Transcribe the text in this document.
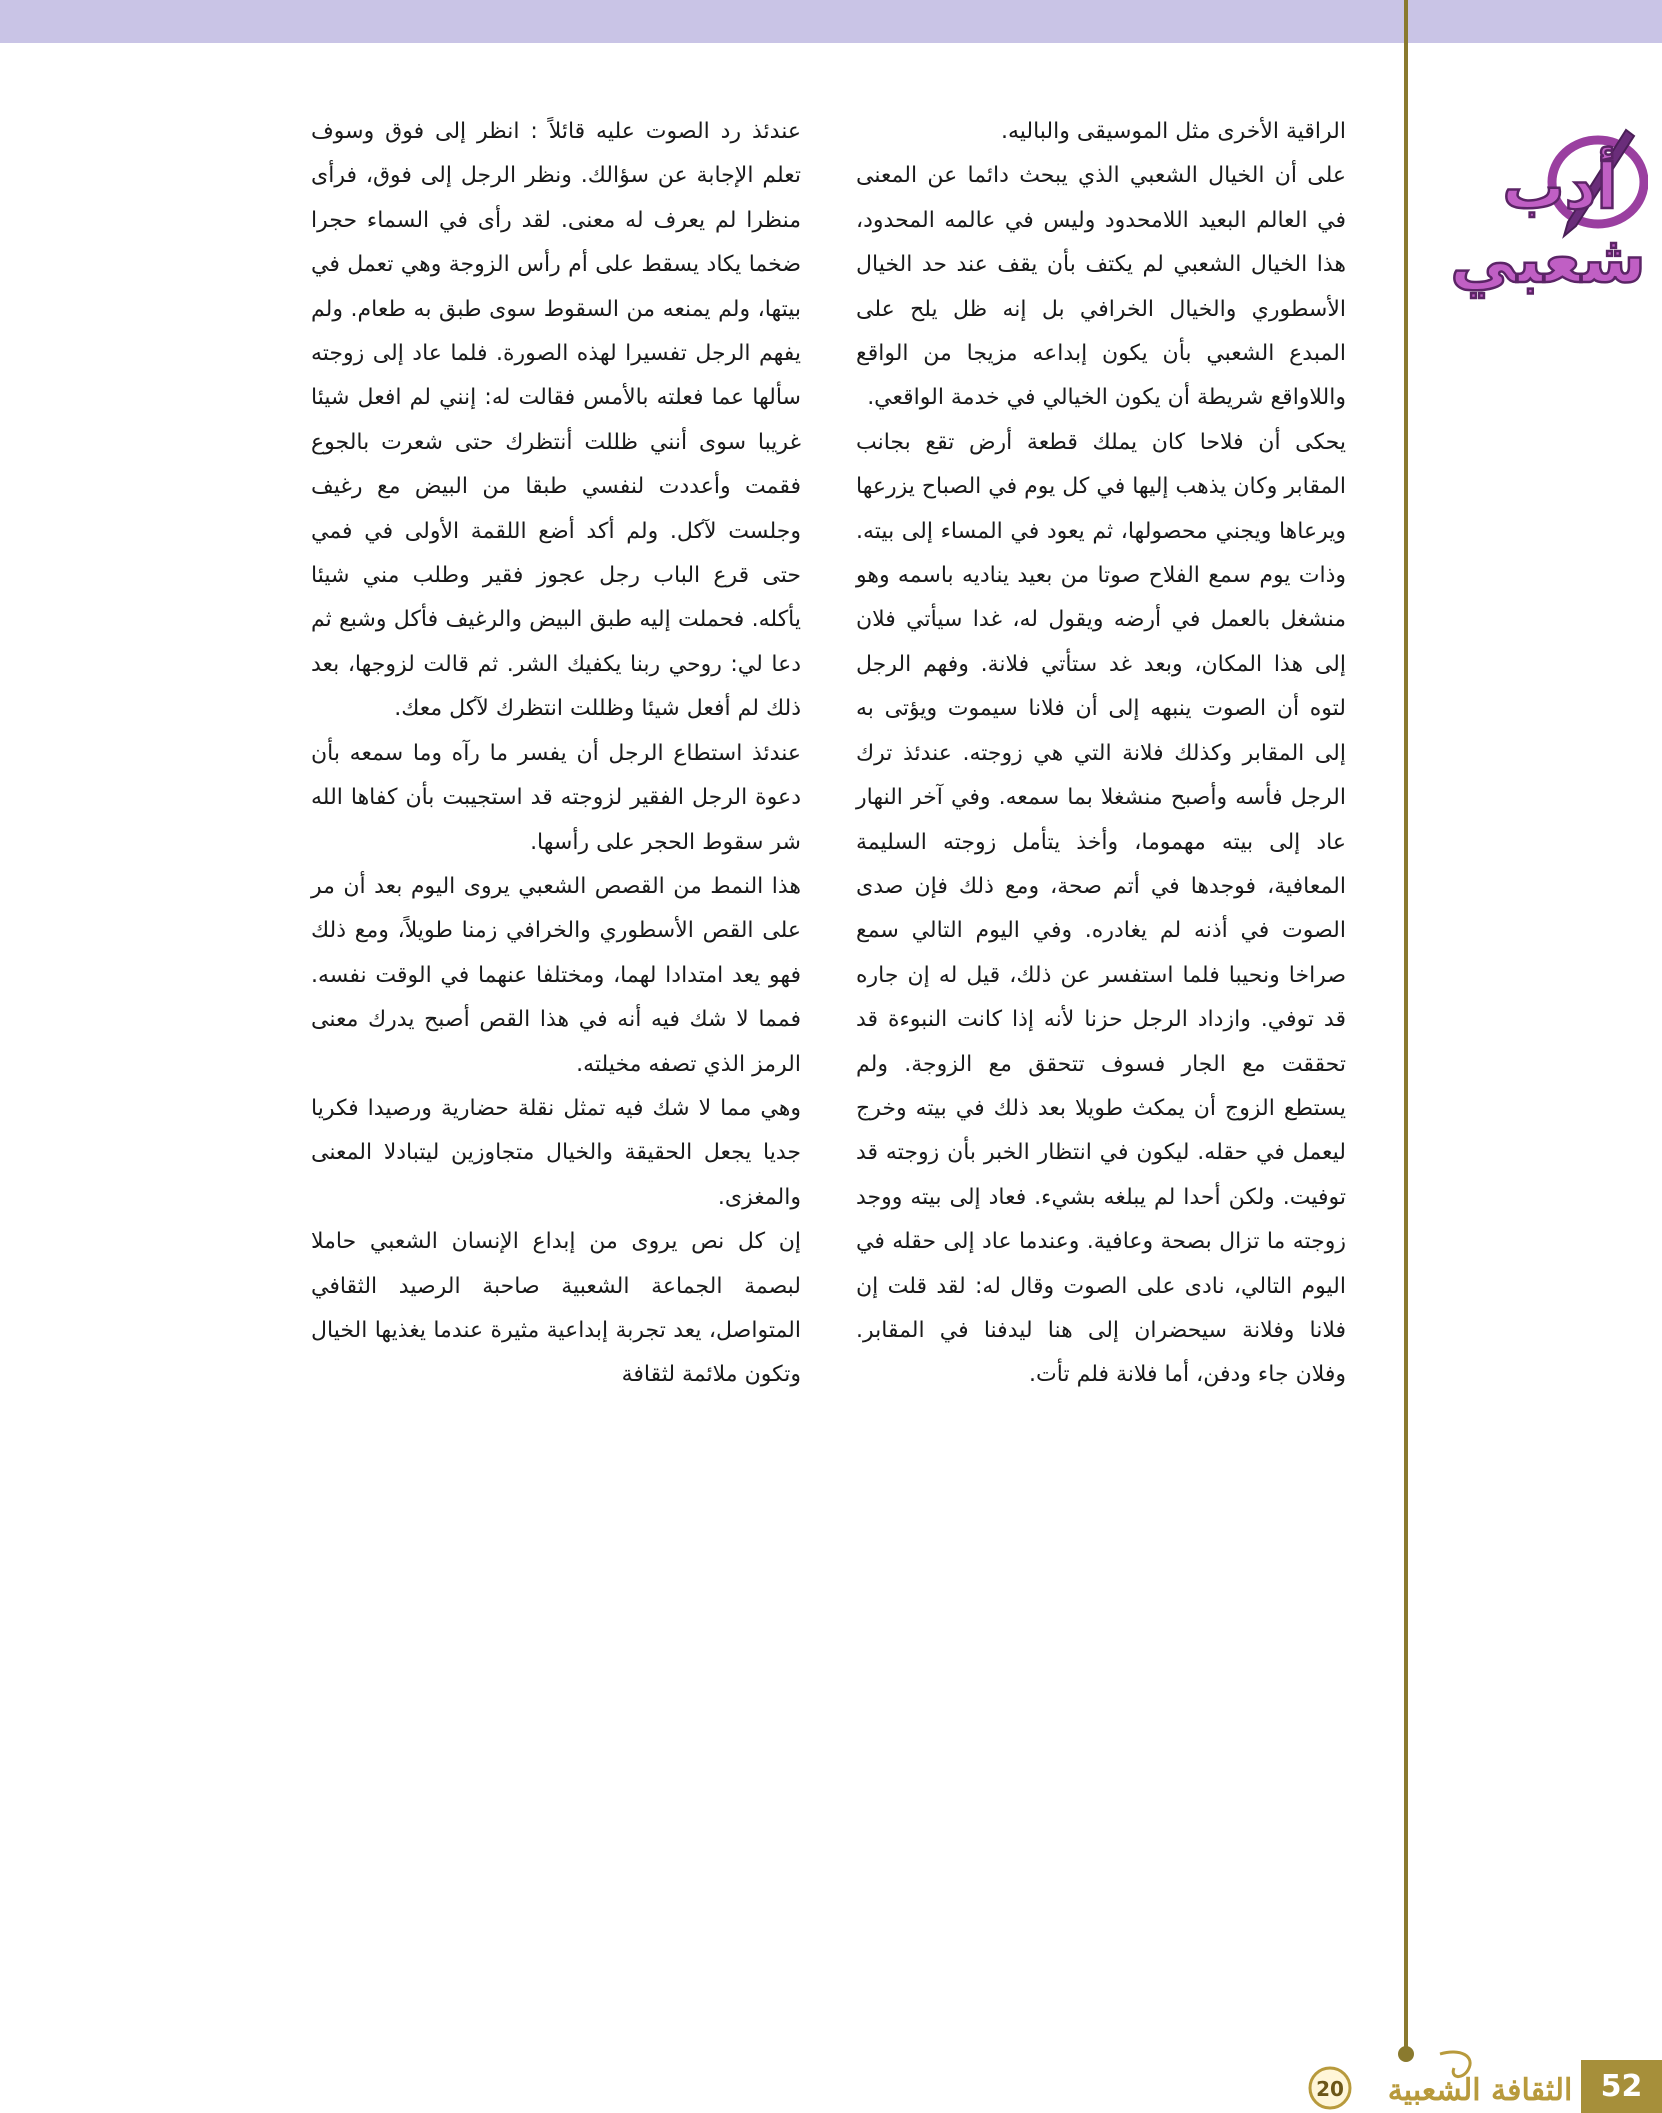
أدب
شعبي

الراقية الأخرى مثل الموسيقى والباليه.

على أن الخيال الشعبي الذي يبحث دائما عن المعنى في العالم البعيد اللامحدود وليس في عالمه المحدود، هذا الخيال الشعبي لم يكتف بأن يقف عند حد الخيال الأسطوري والخيال الخرافي بل إنه ظل يلح على المبدع الشعبي بأن يكون إبداعه مزيجا من الواقع واللاواقع شريطة أن يكون الخيالي في خدمة الواقعي.

يحكى أن فلاحا كان يملك قطعة أرض تقع بجانب المقابر وكان يذهب إليها في كل يوم في الصباح يزرعها ويرعاها ويجني محصولها، ثم يعود في المساء إلى بيته. وذات يوم سمع الفلاح صوتا من بعيد يناديه باسمه وهو منشغل بالعمل في أرضه ويقول له، غدا سيأتي فلان إلى هذا المكان، وبعد غد ستأتي فلانة. وفهم الرجل لتوه أن الصوت ينبهه إلى أن فلانا سيموت ويؤتى به إلى المقابر وكذلك فلانة التي هي زوجته. عندئذ ترك الرجل فأسه وأصبح منشغلا بما سمعه. وفي آخر النهار عاد إلى بيته مهموما، وأخذ يتأمل زوجته السليمة المعافية، فوجدها في أتم صحة، ومع ذلك فإن صدى الصوت في أذنه لم يغادره. وفي اليوم التالي سمع صراخا ونحيبا فلما استفسر عن ذلك، قيل له إن جاره قد توفي. وازداد الرجل حزنا لأنه إذا كانت النبوءة قد تحققت مع الجار فسوف تتحقق مع الزوجة. ولم يستطع الزوج أن يمكث طويلا بعد ذلك في بيته وخرج ليعمل في حقله. ليكون في انتظار الخبر بأن زوجته قد توفيت. ولكن أحدا لم يبلغه بشيء. فعاد إلى بيته ووجد زوجته ما تزال بصحة وعافية. وعندما عاد إلى حقله في اليوم التالي، نادى على الصوت وقال له: لقد قلت إن فلانا وفلانة سيحضران إلى هنا ليدفنا في المقابر. وفلان جاء ودفن، أما فلانة فلم تأت.

عندئذ رد الصوت عليه قائلاً : انظر إلى فوق وسوف تعلم الإجابة عن سؤالك. ونظر الرجل إلى فوق، فرأى منظرا لم يعرف له معنى. لقد رأى في السماء حجرا ضخما يكاد يسقط على أم رأس الزوجة وهي تعمل في بيتها، ولم يمنعه من السقوط سوى طبق به طعام. ولم يفهم الرجل تفسيرا لهذه الصورة. فلما عاد إلى زوجته سألها عما فعلته بالأمس فقالت له: إنني لم افعل شيئا غريبا سوى أنني ظللت أنتظرك حتى شعرت بالجوع فقمت وأعددت لنفسي طبقا من البيض مع رغيف وجلست لآكل. ولم أكد أضع اللقمة الأولى في فمي حتى قرع الباب رجل عجوز فقير وطلب مني شيئا يأكله. فحملت إليه طبق البيض والرغيف فأكل وشبع ثم دعا لي: روحي ربنا يكفيك الشر. ثم قالت لزوجها، بعد ذلك لم أفعل شيئا وظللت انتظرك لآكل معك.

عندئذ استطاع الرجل أن يفسر ما رآه وما سمعه بأن دعوة الرجل الفقير لزوجته قد استجيبت بأن كفاها الله شر سقوط الحجر على رأسها.

هذا النمط من القصص الشعبي يروى اليوم بعد أن مر على القص الأسطوري والخرافي زمنا طويلاً، ومع ذلك فهو يعد امتدادا لهما، ومختلفا عنهما في الوقت نفسه. فمما لا شك فيه أنه في هذا القص أصبح يدرك معنى الرمز الذي تصفه مخيلته.

وهي مما لا شك فيه تمثل نقلة حضارية ورصيدا فكريا جديا يجعل الحقيقة والخيال متجاوزين ليتبادلا المعنى والمغزى.

إن كل نص يروى من إبداع الإنسان الشعبي حاملا لبصمة الجماعة الشعبية صاحبة الرصيد الثقافي المتواصل، يعد تجربة إبداعية مثيرة عندما يغذيها الخيال وتكون ملائمة لثقافة

الثقافة الشعبية
20	52
